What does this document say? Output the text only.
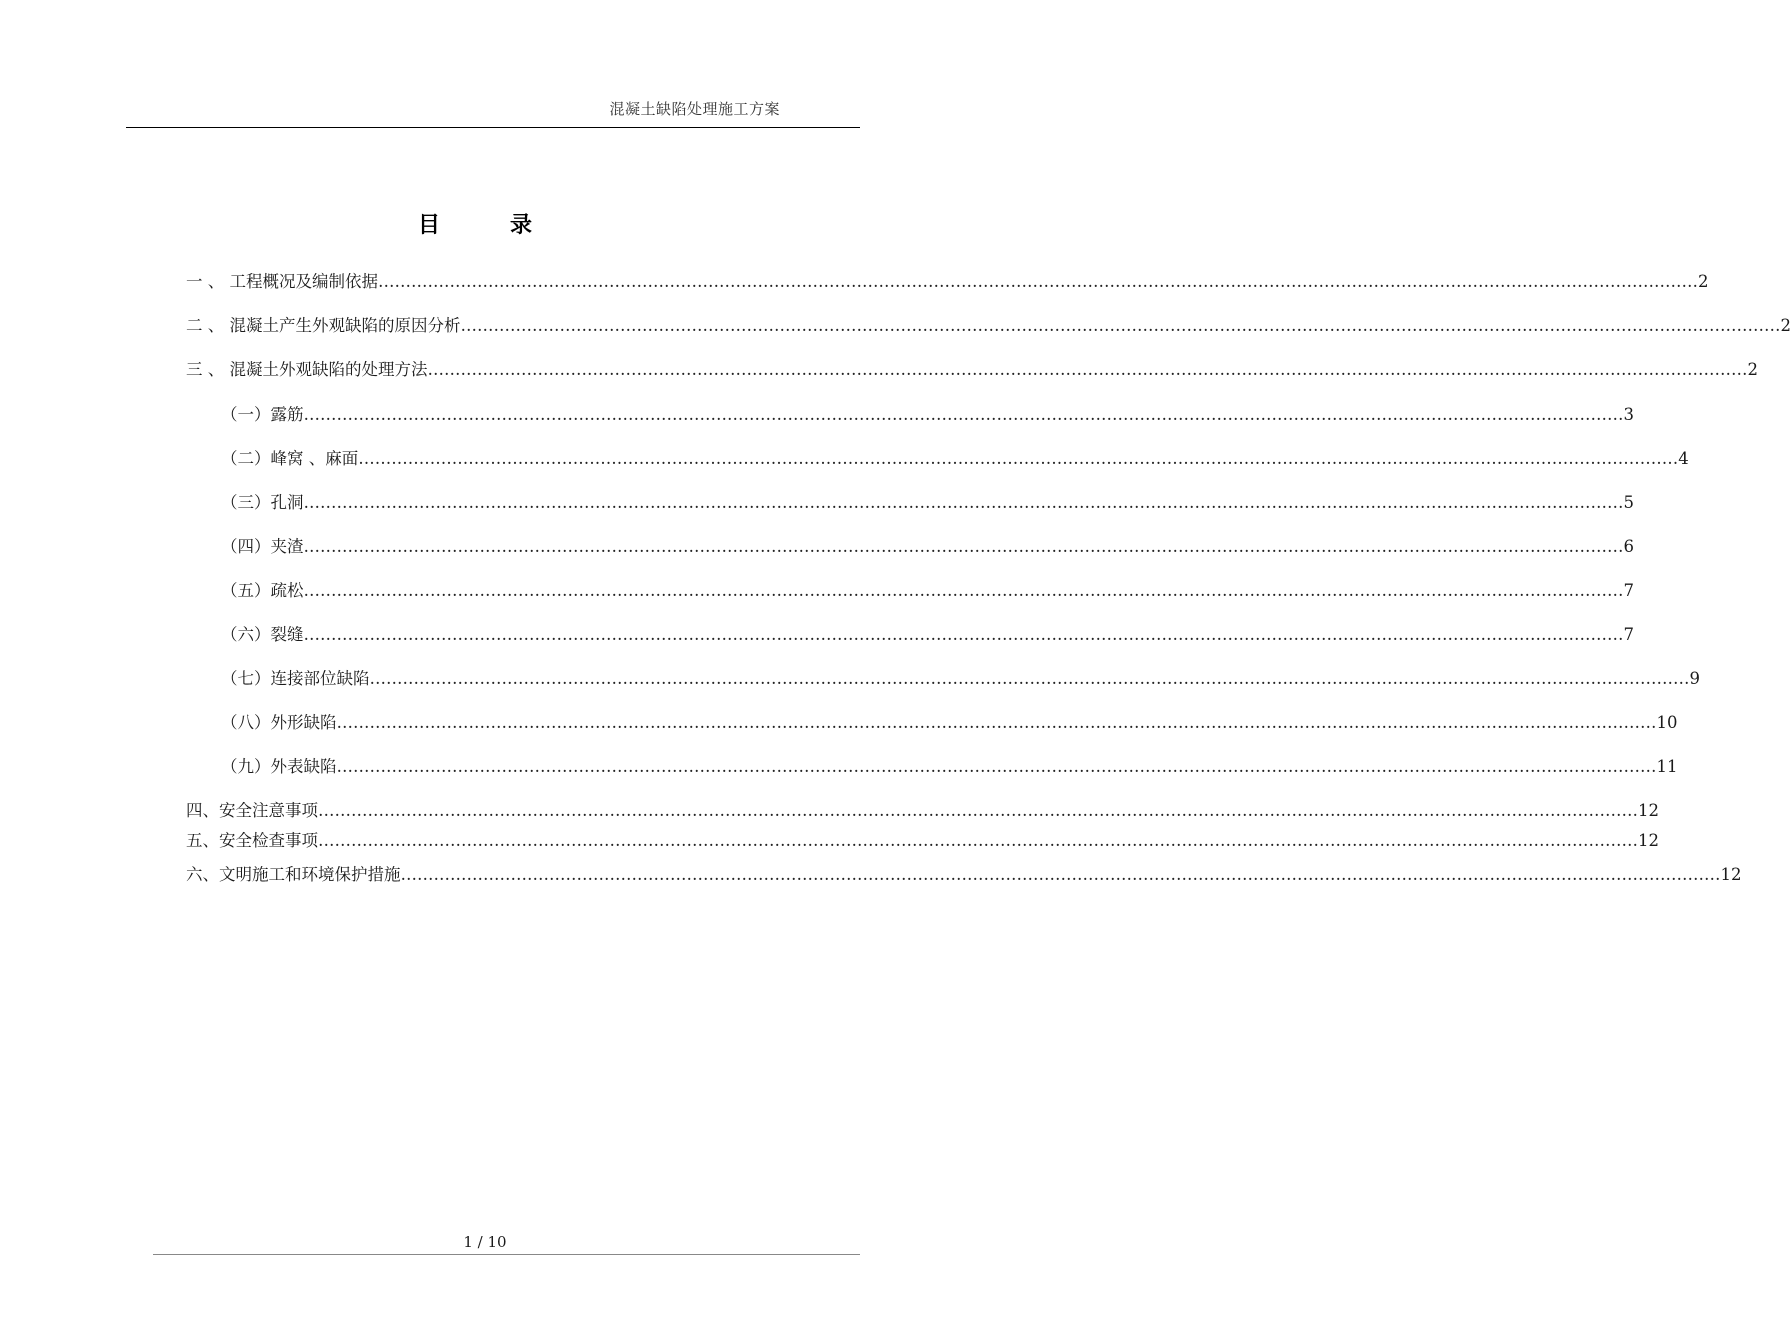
混凝土缺陷处理施工方案
目	录
一 、 工程概况及编制依据 …………………………………………………………………………………………………………………………………………………………………………………………………………………… 2
二 、 混凝土产生外观缺陷的原因分析 …………………………………………………………………………………………………………………………………………………………………………………………………………………… 2
三 、 混凝土外观缺陷的处理方法 …………………………………………………………………………………………………………………………………………………………………………………………………………………… 2
（一）露筋 …………………………………………………………………………………………………………………………………………………………………………………………………………………… 3
（二）峰窝 、麻面 …………………………………………………………………………………………………………………………………………………………………………………………………………………… 4
（三）孔洞 …………………………………………………………………………………………………………………………………………………………………………………………………………………… 5
（四）夹渣 …………………………………………………………………………………………………………………………………………………………………………………………………………………… 6
（五）疏松 …………………………………………………………………………………………………………………………………………………………………………………………………………………… 7
（六）裂缝 …………………………………………………………………………………………………………………………………………………………………………………………………………………… 7
（七）连接部位缺陷 …………………………………………………………………………………………………………………………………………………………………………………………………………………… 9
（八）外形缺陷 …………………………………………………………………………………………………………………………………………………………………………………………………………………… 10
（九）外表缺陷 …………………………………………………………………………………………………………………………………………………………………………………………………………………… 11
四、安全注意事项 …………………………………………………………………………………………………………………………………………………………………………………………………………………… 12
五、安全检查事项 …………………………………………………………………………………………………………………………………………………………………………………………………………………… 12
六、文明施工和环境保护措施 …………………………………………………………………………………………………………………………………………………………………………………………………………………… 12
1 / 10
